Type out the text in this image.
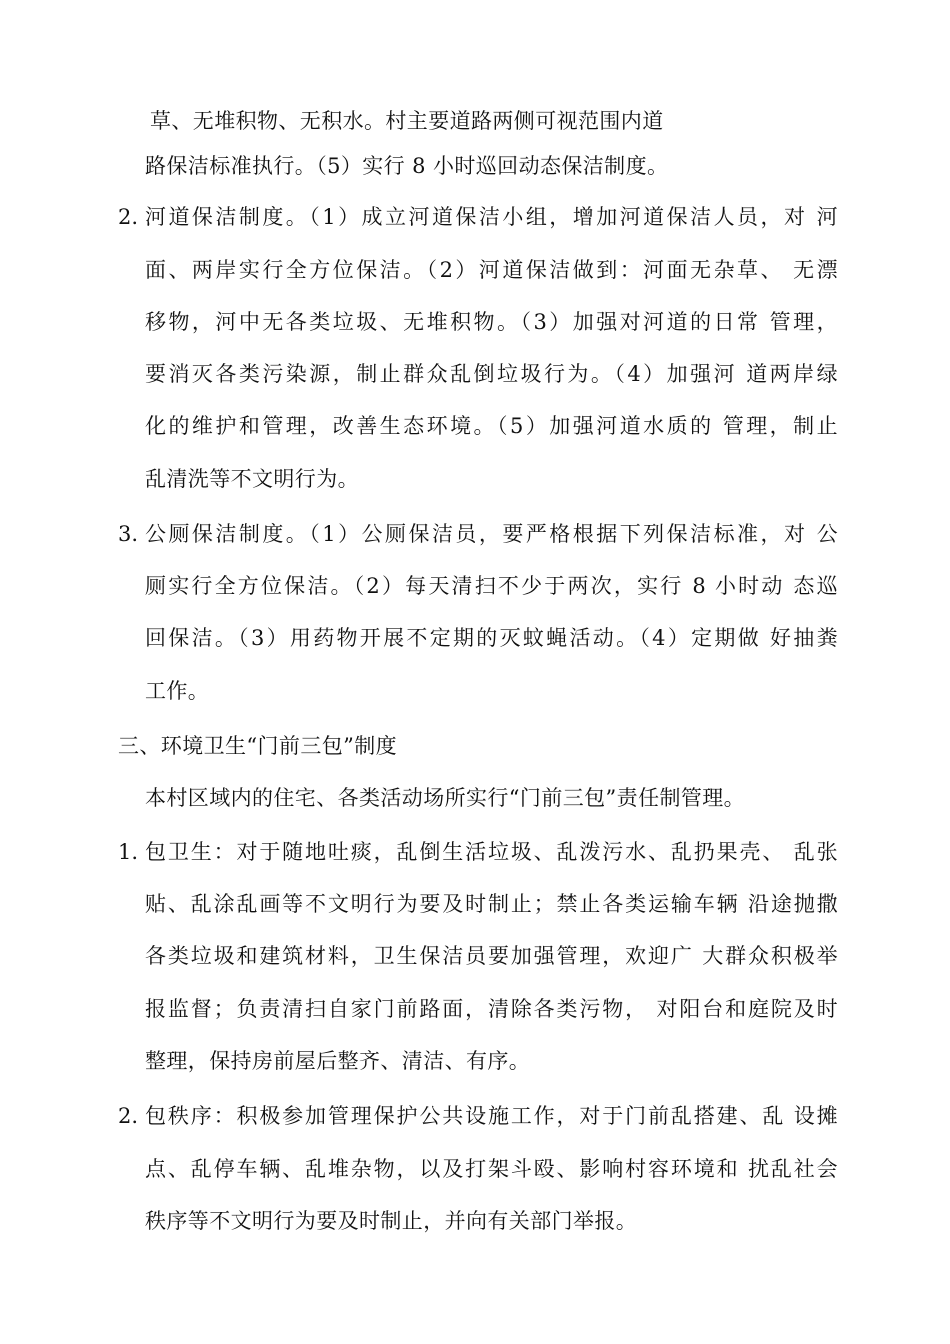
草、无堆积物、无积水。村主要道路两侧可视范围内道
路保洁标准执行。（5）实行 8 小时巡回动态保洁制度。
2. 河道保洁制度。（1）成立河道保洁小组，增加河道保洁人员，对 河
面、两岸实行全方位保洁。（2）河道保洁做到：河面无杂草、 无漂
移物，河中无各类垃圾、无堆积物。（3）加强对河道的日常 管理，
要消灭各类污染源，制止群众乱倒垃圾行为。（4）加强河 道两岸绿
化的维护和管理，改善生态环境。（5）加强河道水质的 管理，制止
乱清洗等不文明行为。
3. 公厕保洁制度。（1）公厕保洁员，要严格根据下列保洁标准，对 公
厕实行全方位保洁。（2）每天清扫不少于两次，实行 8 小时动 态巡
回保洁。（3）用药物开展不定期的灭蚊蝇活动。（4）定期做 好抽粪
工作。
三、环境卫生“门前三包”制度
本村区域内的住宅、各类活动场所实行“门前三包”责任制管理。
1. 包卫生：对于随地吐痰，乱倒生活垃圾、乱泼污水、乱扔果壳、 乱张
贴、乱涂乱画等不文明行为要及时制止；禁止各类运输车辆 沿途抛撒
各类垃圾和建筑材料，卫生保洁员要加强管理，欢迎广 大群众积极举
报监督；负责清扫自家门前路面，清除各类污物， 对阳台和庭院及时
整理，保持房前屋后整齐、清洁、有序。
2. 包秩序：积极参加管理保护公共设施工作，对于门前乱搭建、乱 设摊
点、乱停车辆、乱堆杂物，以及打架斗殴、影响村容环境和 扰乱社会
秩序等不文明行为要及时制止，并向有关部门举报。
